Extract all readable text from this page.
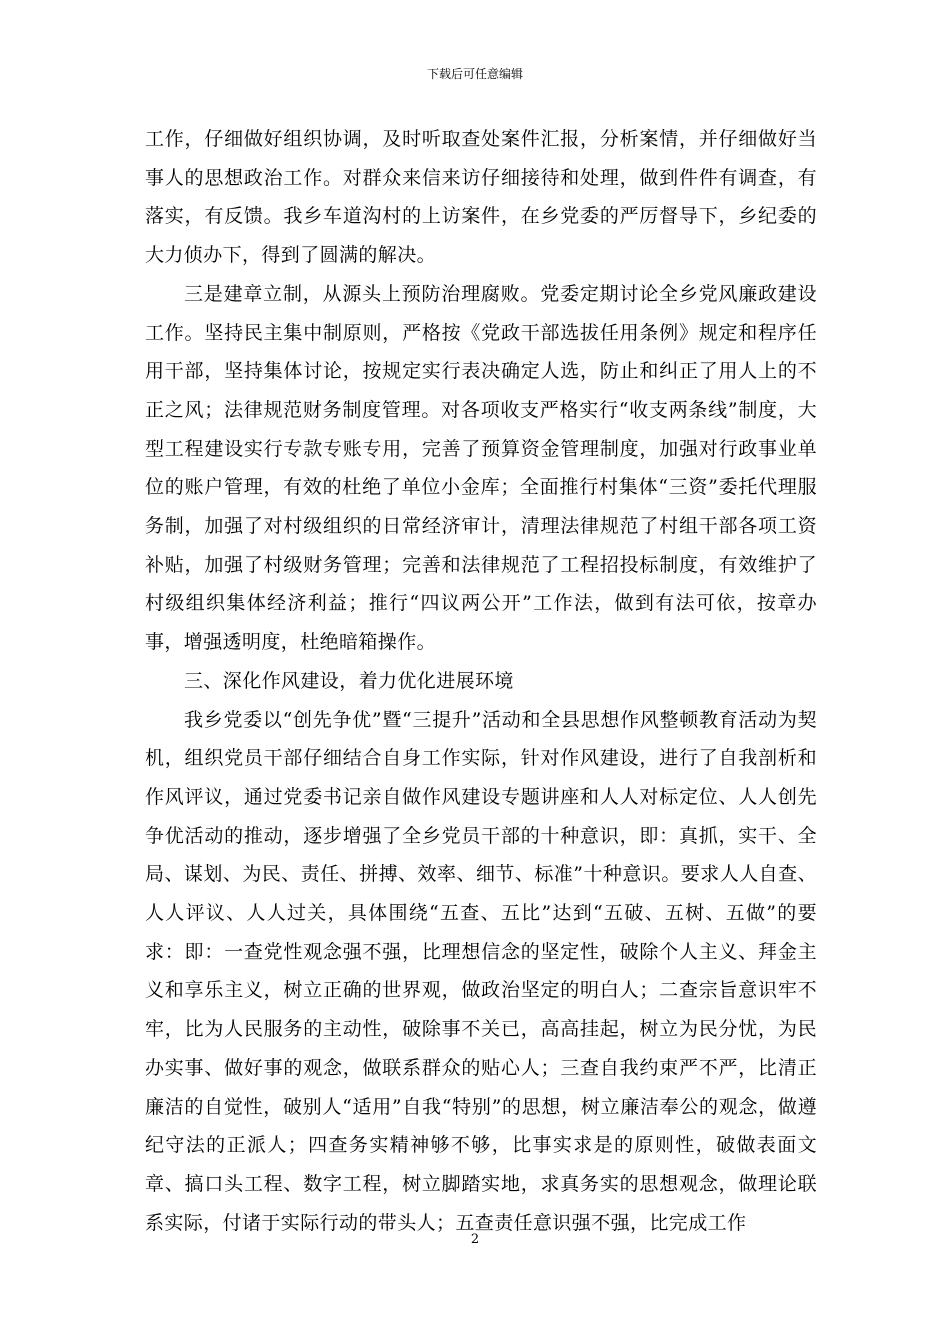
下载后可任意编辑

工作，仔细做好组织协调，及时听取查处案件汇报，分析案情，并仔细做好当事人的思想政治工作。对群众来信来访仔细接待和处理，做到件件有调查，有落实，有反馈。我乡车道沟村的上访案件，在乡党委的严厉督导下，乡纪委的大力侦办下，得到了圆满的解决。

三是建章立制，从源头上预防治理腐败。党委定期讨论全乡党风廉政建设工作。坚持民主集中制原则，严格按《党政干部选拔任用条例》规定和程序任用干部，坚持集体讨论，按规定实行表决确定人选，防止和纠正了用人上的不正之风；法律规范财务制度管理。对各项收支严格实行“收支两条线”制度，大型工程建设实行专款专账专用，完善了预算资金管理制度，加强对行政事业单位的账户管理，有效的杜绝了单位小金库；全面推行村集体“三资”委托代理服务制，加强了对村级组织的日常经济审计，清理法律规范了村组干部各项工资补贴，加强了村级财务管理；完善和法律规范了工程招投标制度，有效维护了村级组织集体经济利益；推行“四议两公开”工作法，做到有法可依，按章办事，增强透明度，杜绝暗箱操作。

三、深化作风建设，着力优化进展环境

我乡党委以“创先争优”暨“三提升”活动和全县思想作风整顿教育活动为契机，组织党员干部仔细结合自身工作实际，针对作风建设，进行了自我剖析和作风评议，通过党委书记亲自做作风建设专题讲座和人人对标定位、人人创先争优活动的推动，逐步增强了全乡党员干部的十种意识，即：真抓，实干、全局、谋划、为民、责任、拼搏、效率、细节、标准”十种意识。要求人人自查、人人评议、人人过关，具体围绕“五查、五比”达到“五破、五树、五做”的要求：即：一查党性观念强不强，比理想信念的坚定性，破除个人主义、拜金主义和享乐主义，树立正确的世界观，做政治坚定的明白人；二查宗旨意识牢不牢，比为人民服务的主动性，破除事不关已，高高挂起，树立为民分忧，为民办实事、做好事的观念，做联系群众的贴心人；三查自我约束严不严，比清正廉洁的自觉性，破别人“适用”自我“特别”的思想，树立廉洁奉公的观念，做遵纪守法的正派人；四查务实精神够不够，比事实求是的原则性，破做表面文章、搞口头工程、数字工程，树立脚踏实地，求真务实的思想观念，做理论联系实际，付诸于实际行动的带头人；五查责任意识强不强，比完成工作

2
